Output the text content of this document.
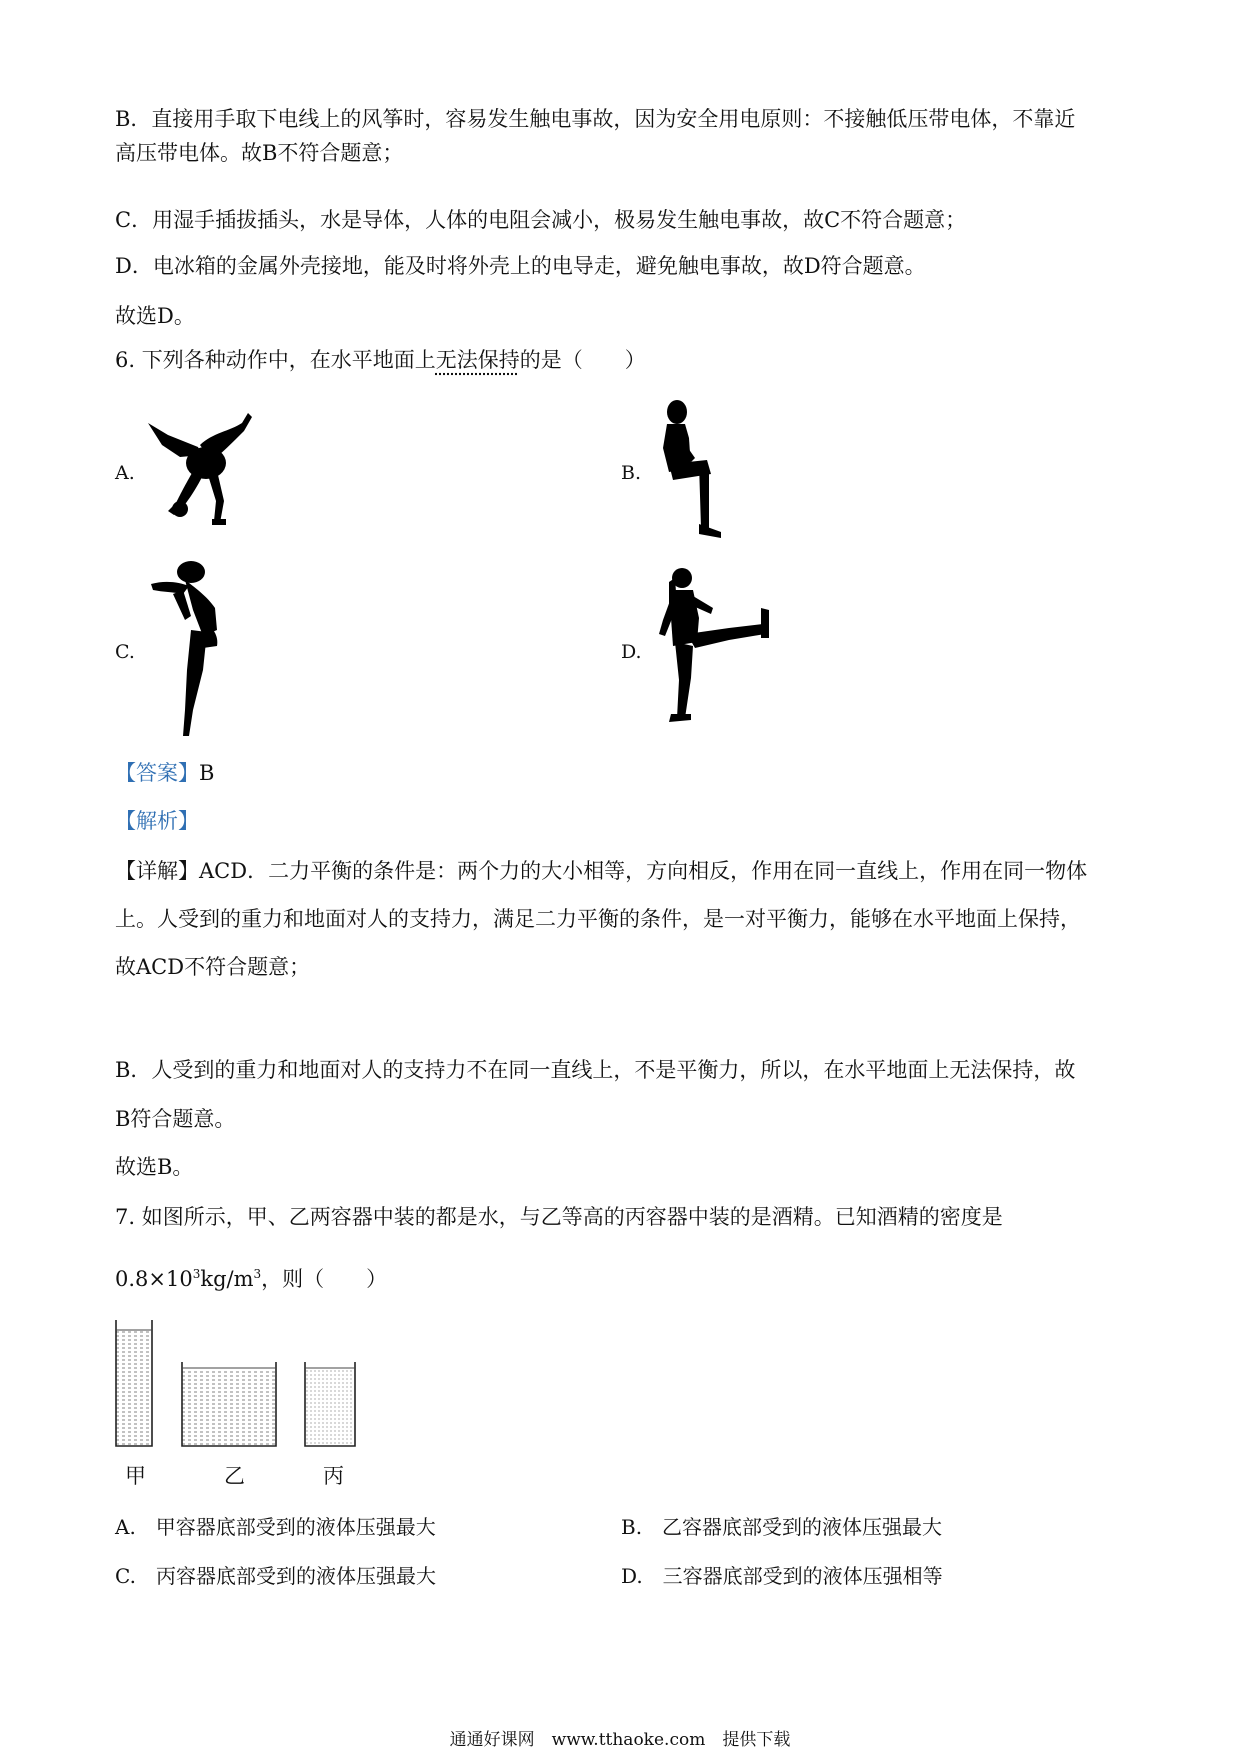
B．直接用手取下电线上的风筝时，容易发生触电事故，因为安全用电原则：不接触低压带电体，不靠近
高压带电体。故B不符合题意；
C．用湿手插拔插头，水是导体，人体的电阻会减小，极易发生触电事故，故C不符合题意；
D．电冰箱的金属外壳接地，能及时将外壳上的电导走，避免触电事故，故D符合题意。
故选D。
6. 下列各种动作中，在水平地面上无法保持的是（　　）
A.	B.
C.	D.
【答案】B
【解析】
【详解】ACD．二力平衡的条件是：两个力的大小相等，方向相反，作用在同一直线上，作用在同一物体
上。人受到的重力和地面对人的支持力，满足二力平衡的条件，是一对平衡力，能够在水平地面上保持，
故ACD不符合题意；
B．人受到的重力和地面对人的支持力不在同一直线上，不是平衡力，所以，在水平地面上无法保持，故
B符合题意。
故选B。
7. 如图所示，甲、乙两容器中装的都是水，与乙等高的丙容器中装的是酒精。已知酒精的密度是
$0.8\times 10^3kg/m^3$，则（　　）
甲	乙	丙
A.　甲容器底部受到的液体压强最大	B.　乙容器底部受到的液体压强最大
C.　丙容器底部受到的液体压强最大	D.　三容器底部受到的液体压强相等
通通好课网　www.tthaoke.com　提供下载
